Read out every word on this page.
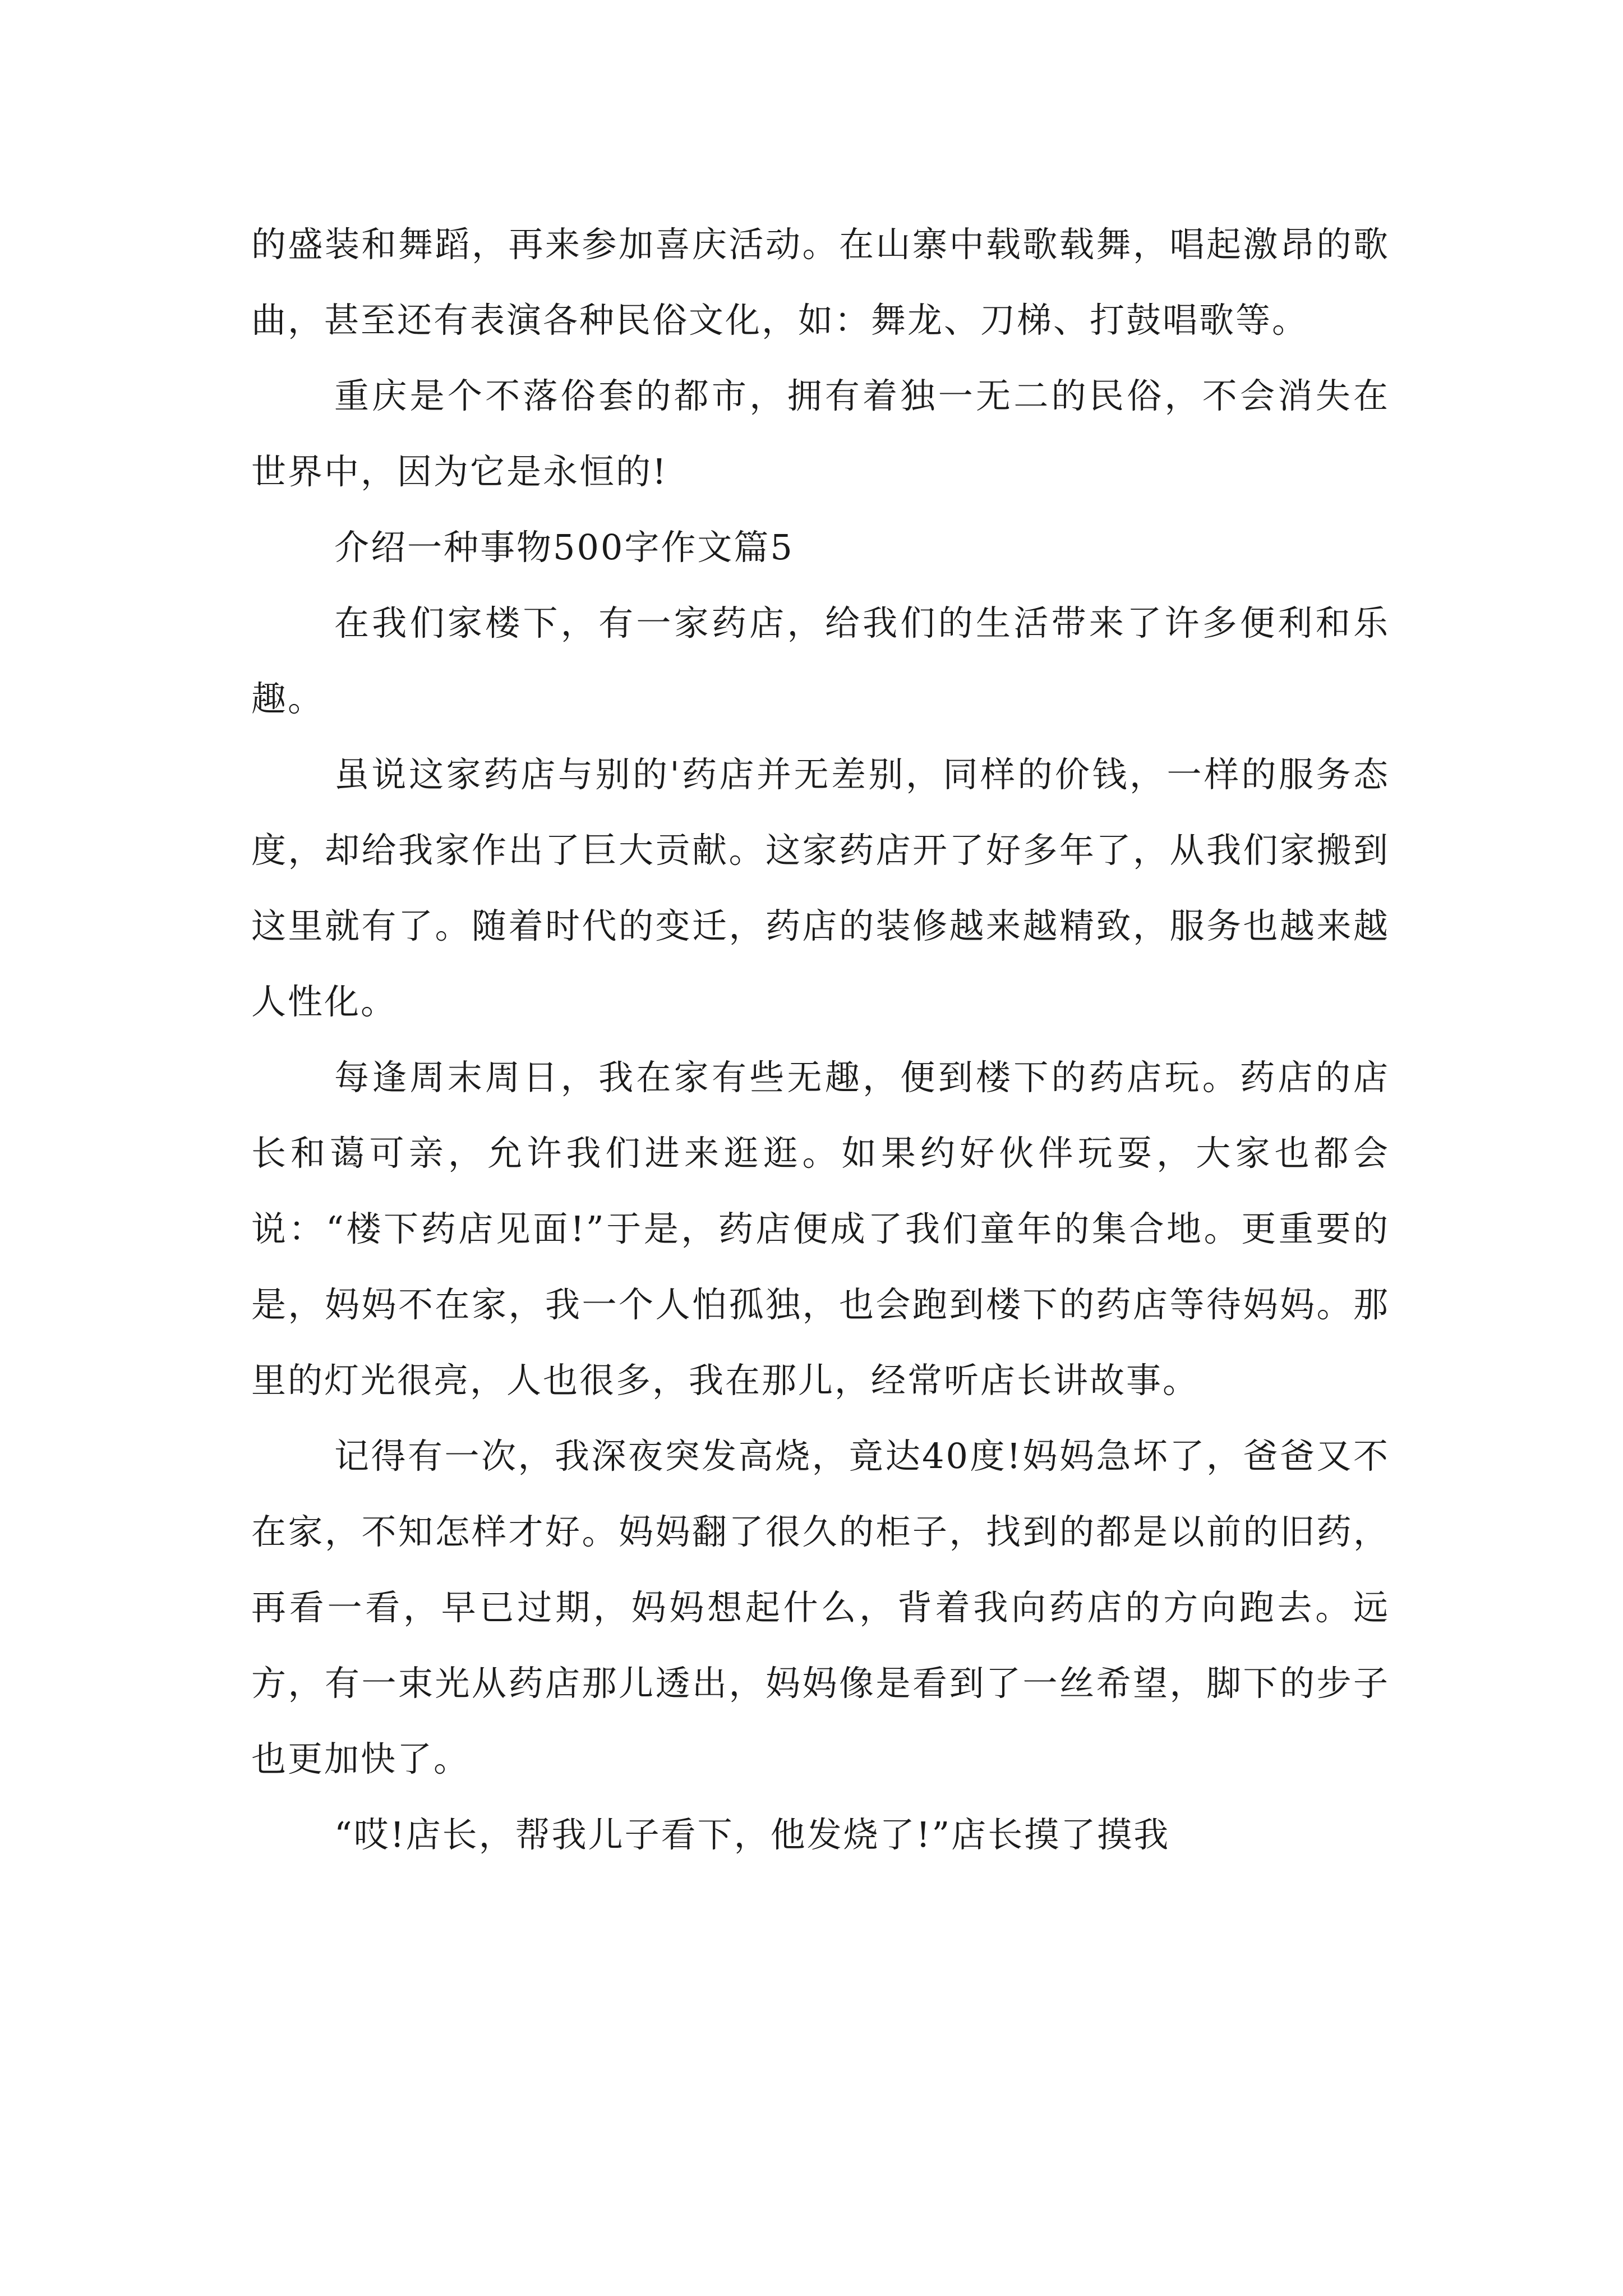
的盛装和舞蹈，再来参加喜庆活动。在山寨中载歌载舞，唱起激昂的歌曲，甚至还有表演各种民俗文化，如：舞龙、刀梯、打鼓唱歌等。

重庆是个不落俗套的都市，拥有着独一无二的民俗，不会消失在世界中，因为它是永恒的!

介绍一种事物500字作文篇5

在我们家楼下，有一家药店，给我们的生活带来了许多便利和乐趣。

虽说这家药店与别的'药店并无差别，同样的价钱，一样的服务态度，却给我家作出了巨大贡献。这家药店开了好多年了，从我们家搬到这里就有了。随着时代的变迁，药店的装修越来越精致，服务也越来越人性化。

每逢周末周日，我在家有些无趣，便到楼下的药店玩。药店的店长和蔼可亲，允许我们进来逛逛。如果约好伙伴玩耍，大家也都会说：“楼下药店见面!”于是，药店便成了我们童年的集合地。更重要的是，妈妈不在家，我一个人怕孤独，也会跑到楼下的药店等待妈妈。那里的灯光很亮，人也很多，我在那儿，经常听店长讲故事。

记得有一次，我深夜突发高烧，竟达40度!妈妈急坏了，爸爸又不在家，不知怎样才好。妈妈翻了很久的柜子，找到的都是以前的旧药，再看一看，早已过期，妈妈想起什么，背着我向药店的方向跑去。远方，有一束光从药店那儿透出，妈妈像是看到了一丝希望，脚下的步子也更加快了。

“哎!店长，帮我儿子看下，他发烧了!”店长摸了摸我
